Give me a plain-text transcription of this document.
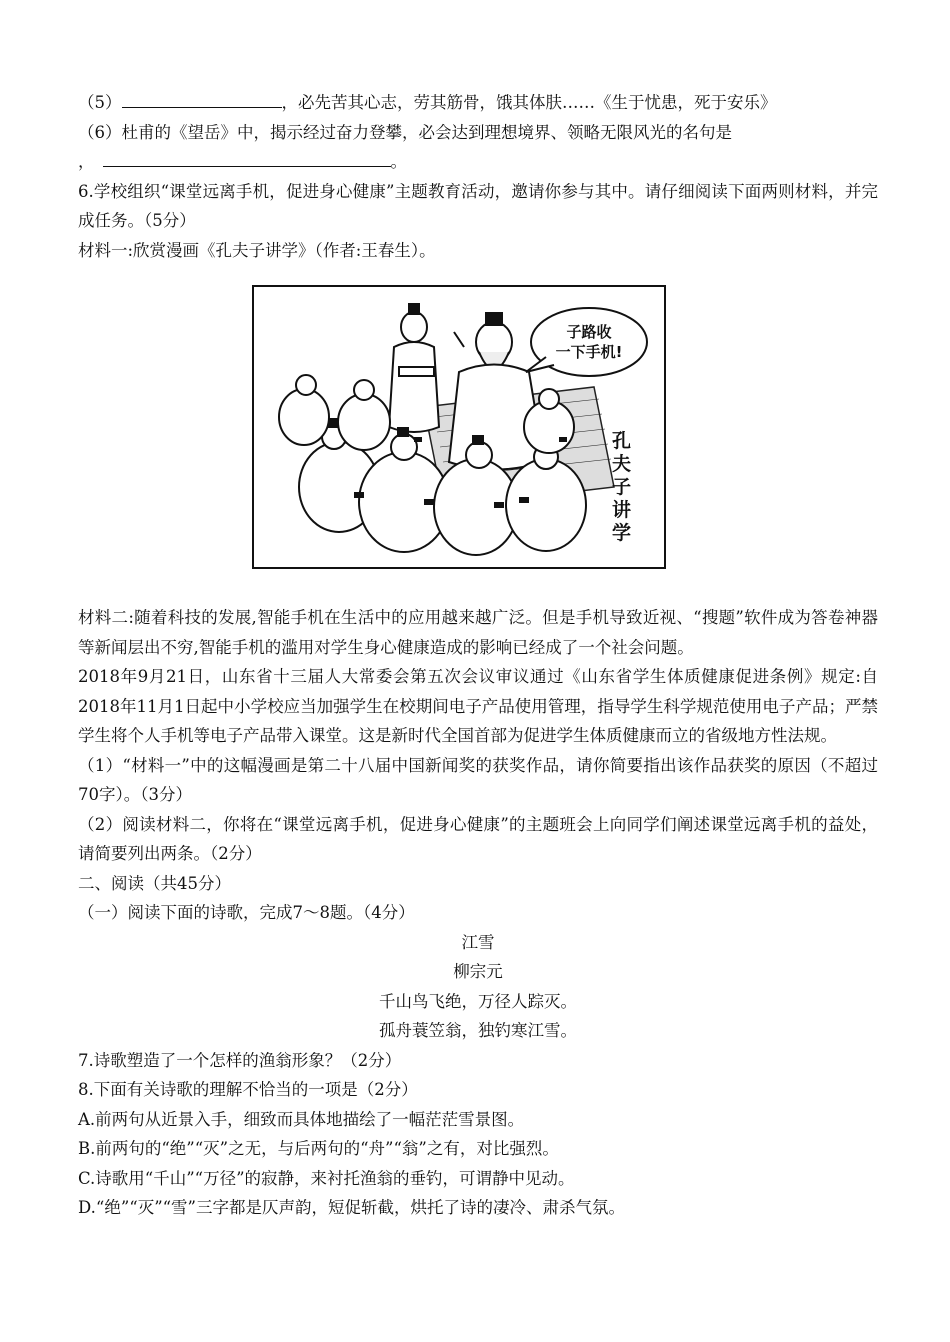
（5）	，必先苦其心志，劳其筋骨，饿其体肤……《生于忧患，死于安乐》
（6）杜甫的《望岳》中，揭示经过奋力登攀，必会达到理想境界、领略无限风光的名句是
，	。
6.学校组织“课堂远离手机，促进身心健康”主题教育活动，邀请你参与其中。请仔细阅读下面两则材料，并完成任务。（5分）
材料一:欣赏漫画《孔夫子讲学》（作者:王春生）。
子路收
一下手机!
孔
夫
子
讲
学
材料二:随着科技的发展,智能手机在生活中的应用越来越广泛。但是手机导致近视、“搜题”软件成为答卷神器等新闻层出不穷,智能手机的滥用对学生身心健康造成的影响已经成了一个社会问题。
2018年9月21日，山东省十三届人大常委会第五次会议审议通过《山东省学生体质健康促进条例》规定:自2018年11月1日起中小学校应当加强学生在校期间电子产品使用管理，指导学生科学规范使用电子产品；严禁学生将个人手机等电子产品带入课堂。这是新时代全国首部为促进学生体质健康而立的省级地方性法规。
（1）“材料一”中的这幅漫画是第二十八届中国新闻奖的获奖作品，请你简要指出该作品获奖的原因（不超过70字）。（3分）
（2）阅读材料二，你将在“课堂远离手机，促进身心健康”的主题班会上向同学们阐述课堂远离手机的益处，请简要列出两条。（2分）
二、阅读（共45分）
（一）阅读下面的诗歌，完成7～8题。（4分）
江雪
柳宗元
千山鸟飞绝，万径人踪灭。
孤舟蓑笠翁，独钓寒江雪。
7.诗歌塑造了一个怎样的渔翁形象？（2分）
8.下面有关诗歌的理解不恰当的一项是（2分）
A.前两句从近景入手，细致而具体地描绘了一幅茫茫雪景图。
B.前两句的“绝”“灭”之无，与后两句的“舟”“翁”之有，对比强烈。
C.诗歌用“千山”“万径”的寂静，来衬托渔翁的垂钓，可谓静中见动。
D.“绝”“灭”“雪”三字都是仄声韵，短促斩截，烘托了诗的凄冷、肃杀气氛。
